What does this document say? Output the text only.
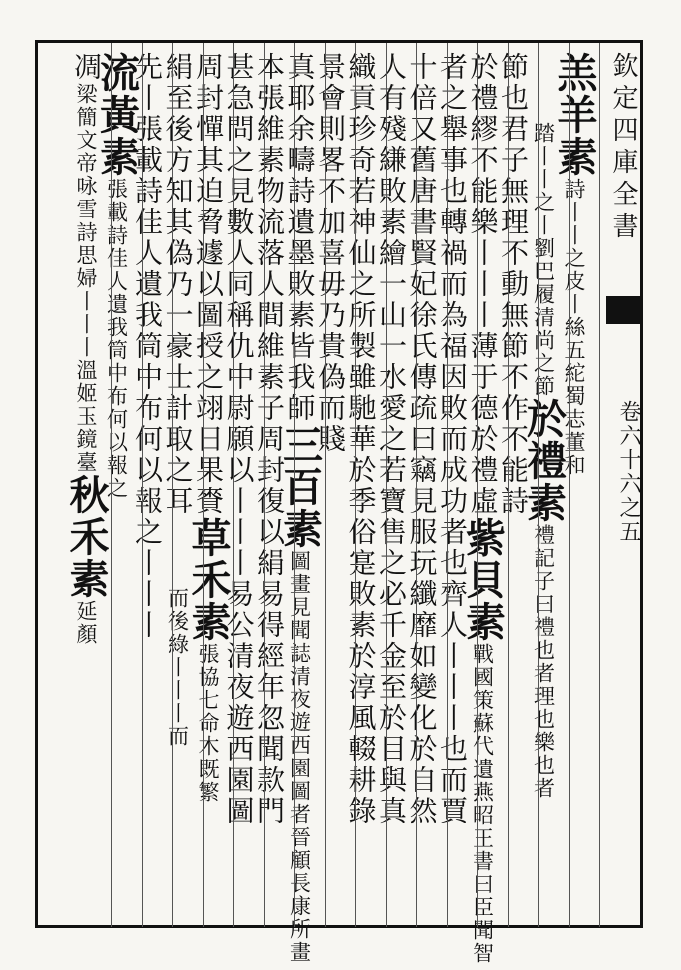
欽定四庫全書
卷六十六之五
羔羊素詩丨丨之皮丨絲五紽蜀志董和
踏丨丨之丨劉巴履清尚之節於禮素禮記子曰禮也者理也樂也者
節也君子無理不動無節不作不能詩
於禮繆不能樂丨丨丨薄于德於禮虛紫貝素戰國策蘇代遺燕昭王書曰臣聞智
者之舉事也轉禍而為福因敗而成功者也齊人丨丨丨也而賈
十倍又舊唐書賢妃徐氏傳疏曰竊見服玩纖靡如變化於自然
人有殘縑敗素繪一山一水愛之若寶售之必千金至於目與真
織貢珍奇若神仙之所製雖馳華於季俗寔敗素於淳風輟耕錄
景會則畧不加喜毋乃貴偽而賤
真耶余疇詩遺墨敗素皆我師三百素圖畫見聞誌清夜遊西園圖者晉顧長康所畫
本張維素物流落人間維素子周封復以絹易得經年忽聞款門
甚急問之見數人同稱仇中尉願以丨丨丨易公清夜遊西園圖
周封憚其迫脅遽以圖授之翊日果賚草禾素張協七命木既繁
絹至後方知其偽乃一豪士計取之耳而後綠丨丨丨而
先丨張載詩佳人遺我筒中布何以報之丨丨丨
流黃素張載詩佳人遺我筒中布何以報之
凋梁簡文帝咏雪詩思婦丨丨丨溫姬玉鏡臺秋禾素延顏
